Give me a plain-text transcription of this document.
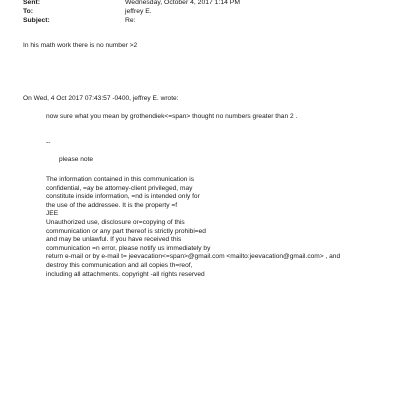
Sent:	Wednesday, October 4, 2017 1:14 PM
To:	jeffrey E.
Subject:	Re:
In his math work there is no number >2
On Wed, 4 Oct 2017 07:43:57 -0400, jeffrey E. wrote:
now sure what you mean by grothendiek<=span> thought no numbers greater than 2 .
--
please note
The information contained in this communication is
confidential, =ay be attorney-client privileged, may
constitute inside information, =nd is intended only for
the use of the addressee. It is the property =f
JEE
Unauthorized use, disclosure or=copying of this
communication or any part thereof is strictly prohibi=ed
and may be unlawful. If you have received this
communication =n error, please notify us immediately by
return e-mail or by e-mail t= jeevacation<=span>@gmail.com <mailto:jeevacation@gmail.com> , and
destroy this communication and all copies th=reof,
including all attachments. copyright -all rights reserved
